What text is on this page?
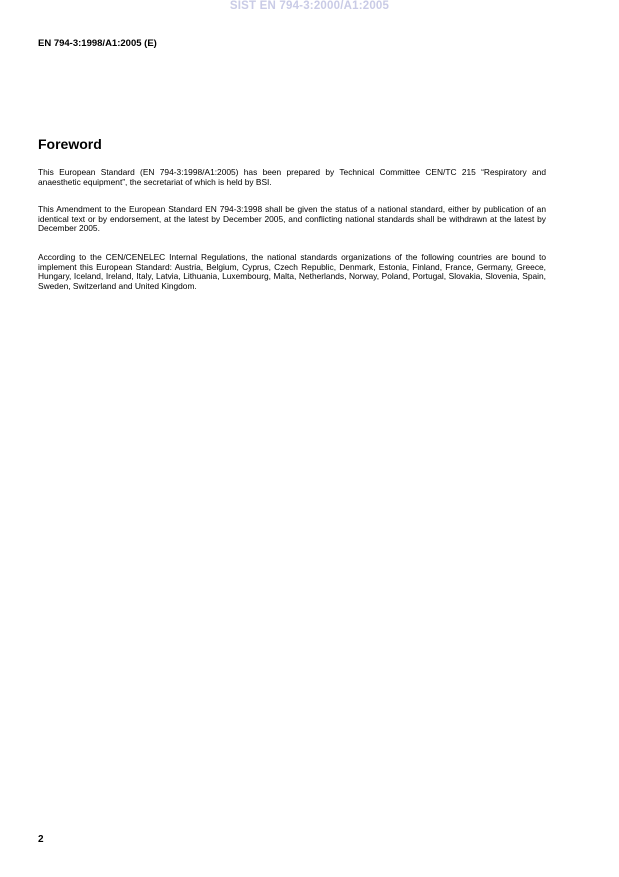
SIST EN 794-3:2000/A1:2005
EN 794-3:1998/A1:2005 (E)
Foreword

This European Standard (EN 794-3:1998/A1:2005) has been prepared by Technical Committee CEN/TC 215 “Respiratory and anaesthetic equipment”, the secretariat of which is held by BSI.

This Amendment to the European Standard EN 794-3:1998 shall be given the status of a national standard, either by publication of an identical text or by endorsement, at the latest by December 2005, and conflicting national standards shall be withdrawn at the latest by December 2005.

According to the CEN/CENELEC Internal Regulations, the national standards organizations of the following countries are bound to implement this European Standard: Austria, Belgium, Cyprus, Czech Republic, Denmark, Estonia, Finland, France, Germany, Greece, Hungary, Iceland, Ireland, Italy, Latvia, Lithuania, Luxembourg, Malta, Netherlands, Norway, Poland, Portugal, Slovakia, Slovenia, Spain, Sweden, Switzerland and United Kingdom.

2
